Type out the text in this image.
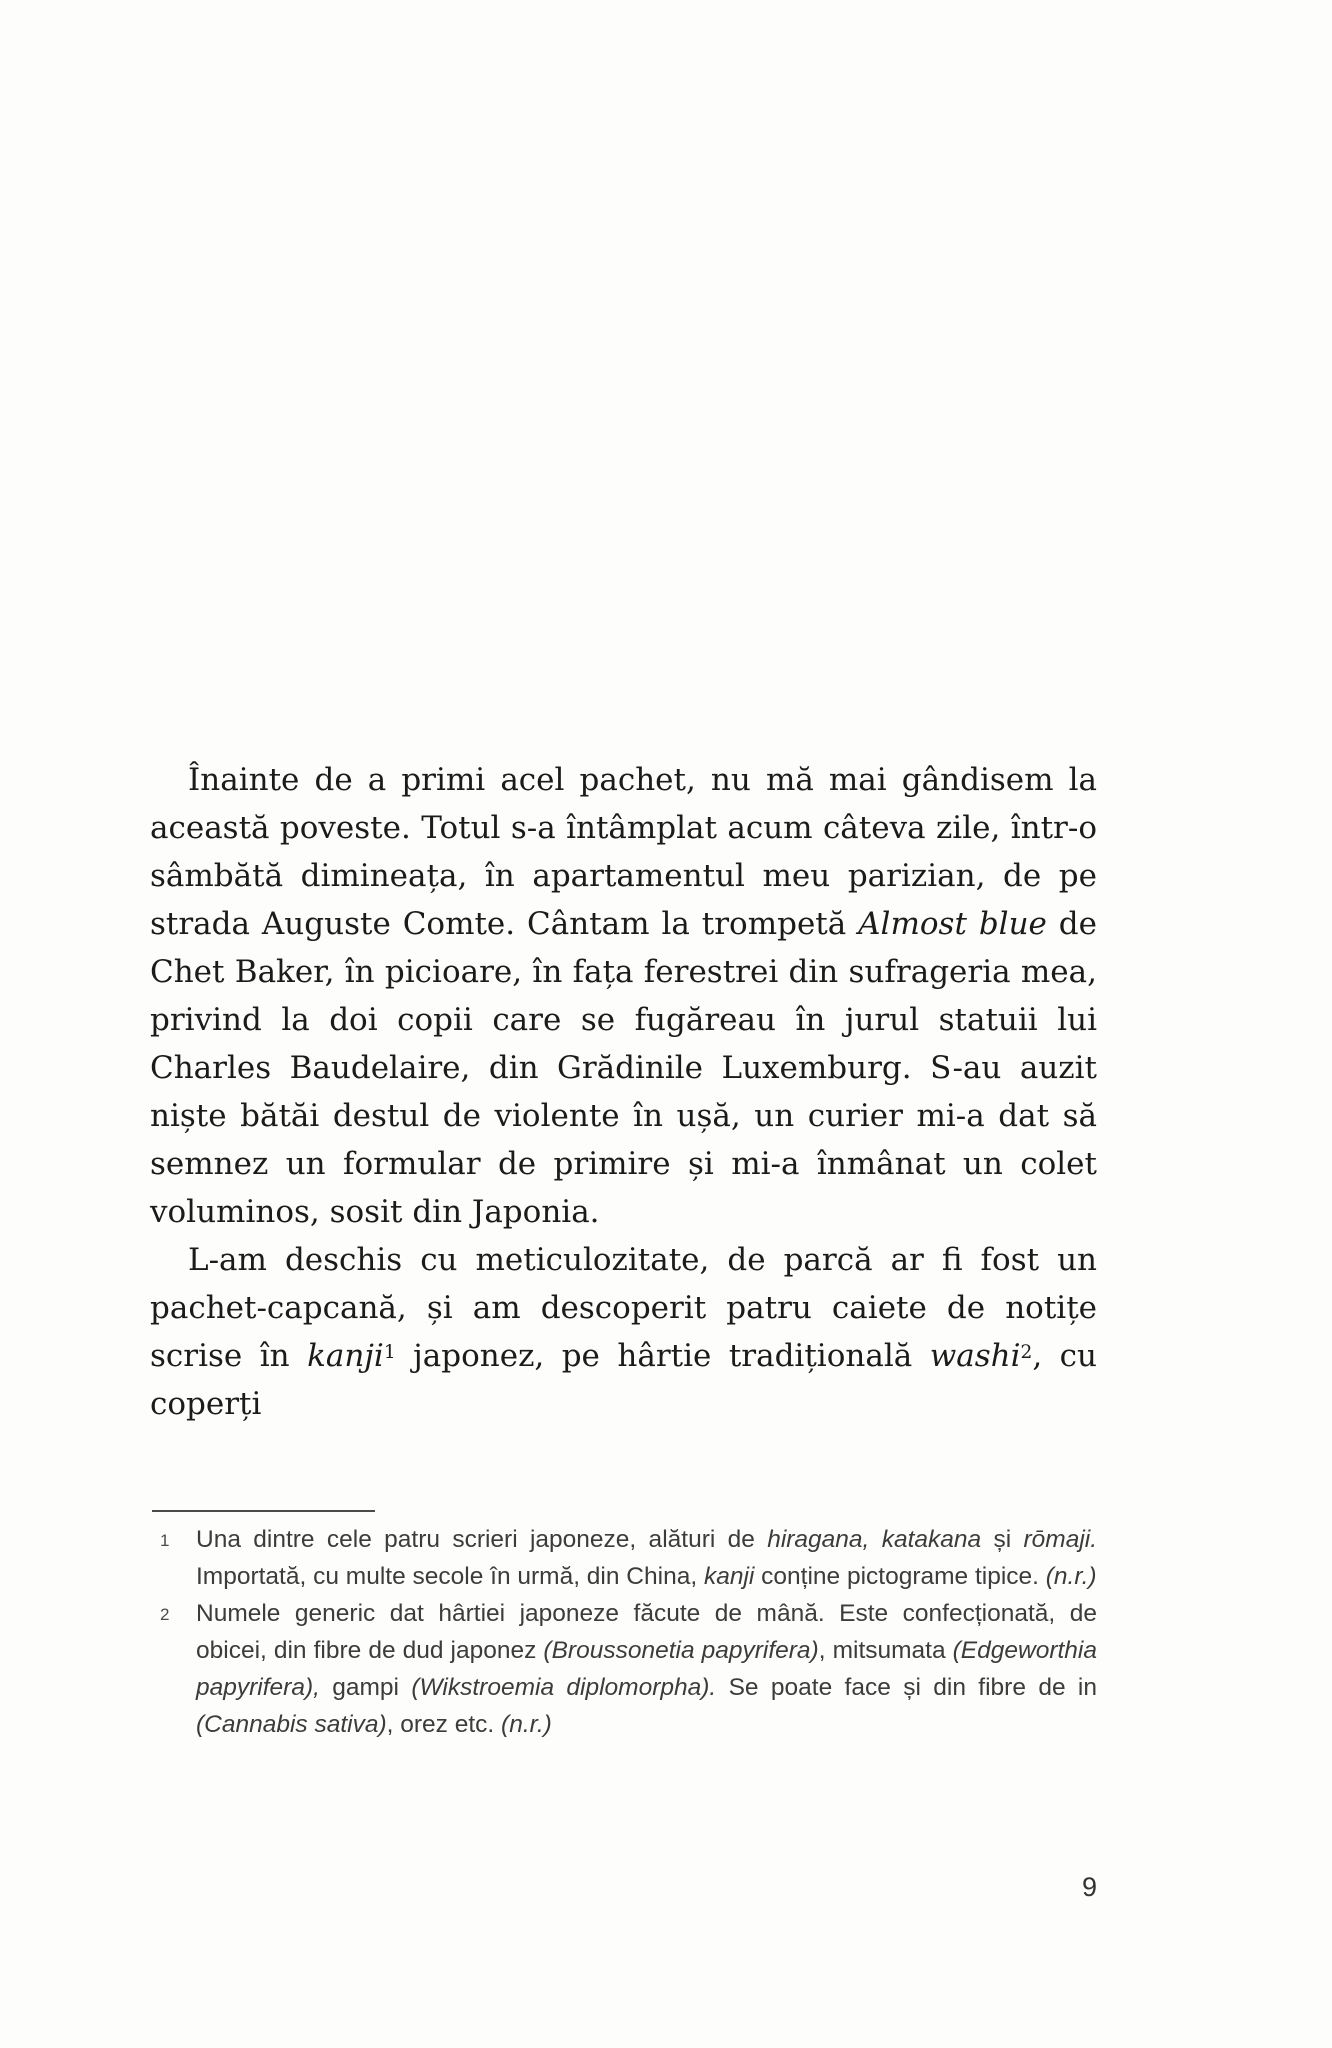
Înainte de a primi acel pachet, nu mă mai gândisem la această poveste. Totul s-a întâmplat acum câteva zile, într-o sâmbătă dimineața, în apartamentul meu parizian, de pe strada Auguste Comte. Cântam la trompetă Almost blue de Chet Baker, în picioare, în fața ferestrei din sufrageria mea, privind la doi copii care se fugăreau în jurul statuii lui Charles Baudelaire, din Grădinile Luxemburg. S-au auzit niște bătăi destul de violente în ușă, un curier mi-a dat să semnez un formular de primire și mi-a înmânat un colet voluminos, sosit din Japonia.

L-am deschis cu meticulozitate, de parcă ar fi fost un pachet-capcană, și am descoperit patru caiete de notițe scrise în kanji$^1$ japonez, pe hârtie tradițională washi$^2$, cu coperți

1	Una dintre cele patru scrieri japoneze, alături de hiragana, katakana și rōmaji. Importată, cu multe secole în urmă, din China, kanji conține pictograme tipice. (n.r.)
2	Numele generic dat hârtiei japoneze făcute de mână. Este confecționată, de obicei, din fibre de dud japonez (Broussonetia papyrifera), mitsumata (Edgeworthia papyrifera), gampi (Wikstroemia diplomorpha). Se poate face și din fibre de in (Cannabis sativa), orez etc. (n.r.)
9
